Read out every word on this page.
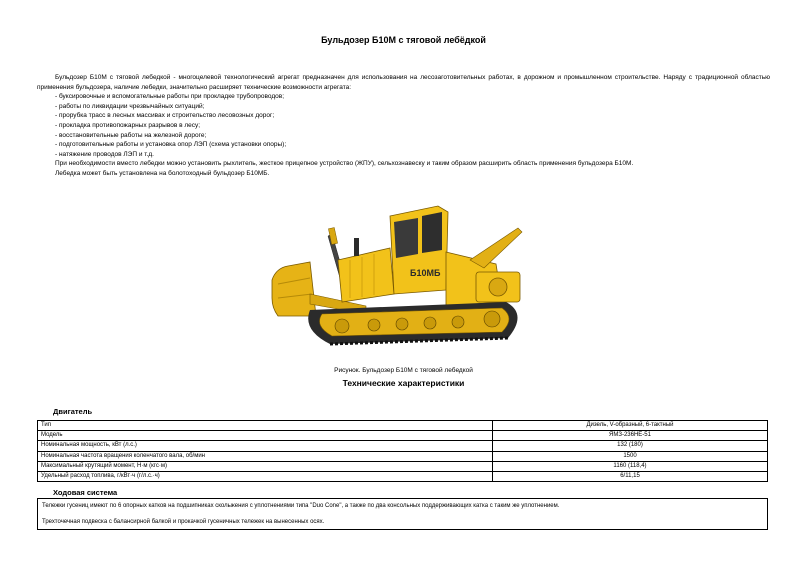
Бульдозер Б10М с тяговой лебёдкой

Бульдозер Б10М с тяговой лебедкой - многоцелевой технологический агрегат предназначен для использования на лесозаготовительных работах, в дорожном и промышленном строительстве. Наряду с традиционной областью применения бульдозера, наличие лебедки, значительно расширяет технические возможности агрегата:

- буксировочные и вспомогательные работы при прокладке трубопроводов;
- работы по ликвидации чрезвычайных ситуаций;
- прорубка трасс в лесных массивах и строительство лесовозных дорог;
- прокладка противопожарных разрывов в лесу;
- восстановительные работы на железной дороге;
- подготовительные работы и установка опор ЛЭП (схема установки опоры);
- натяжение проводов ЛЭП и т.д.

При необходимости вместо лебедки можно установить рыхлитель, жесткое прицепное устройство (ЖПУ), сельхознавеску и таким образом расширить область применения бульдозера Б10М.

Лебедка может быть установлена на болотоходный бульдозер Б10МБ.

Б10МБ
Рисунок. Бульдозер Б10М с тяговой лебедкой
Технические характеристики
Двигатель
Тип	Дизель, V-образный, 6-тактный
Модель	ЯМЗ-236НЕ-51
Номинальная мощность, кВт (л.с.)	132 (180)
Номинальная частота вращения коленчатого вала, об/мин	1500
Максимальный крутящий момент, Н·м (кгс·м)	1160 (118,4)
Удельный расход топлива, г/кВт·ч (г/л.с.·ч)	6/11,15
Ходовая система

Тележки гусениц имеют по 6 опорных катков на подшипниках скольжения с уплотнениями типа "Duo Cone", а также по два консольных поддерживающих катка с таким же уплотнением.

Трехточечная подвеска с балансирной балкой и прокачкой гусеничных тележек на вынесенных осях.
